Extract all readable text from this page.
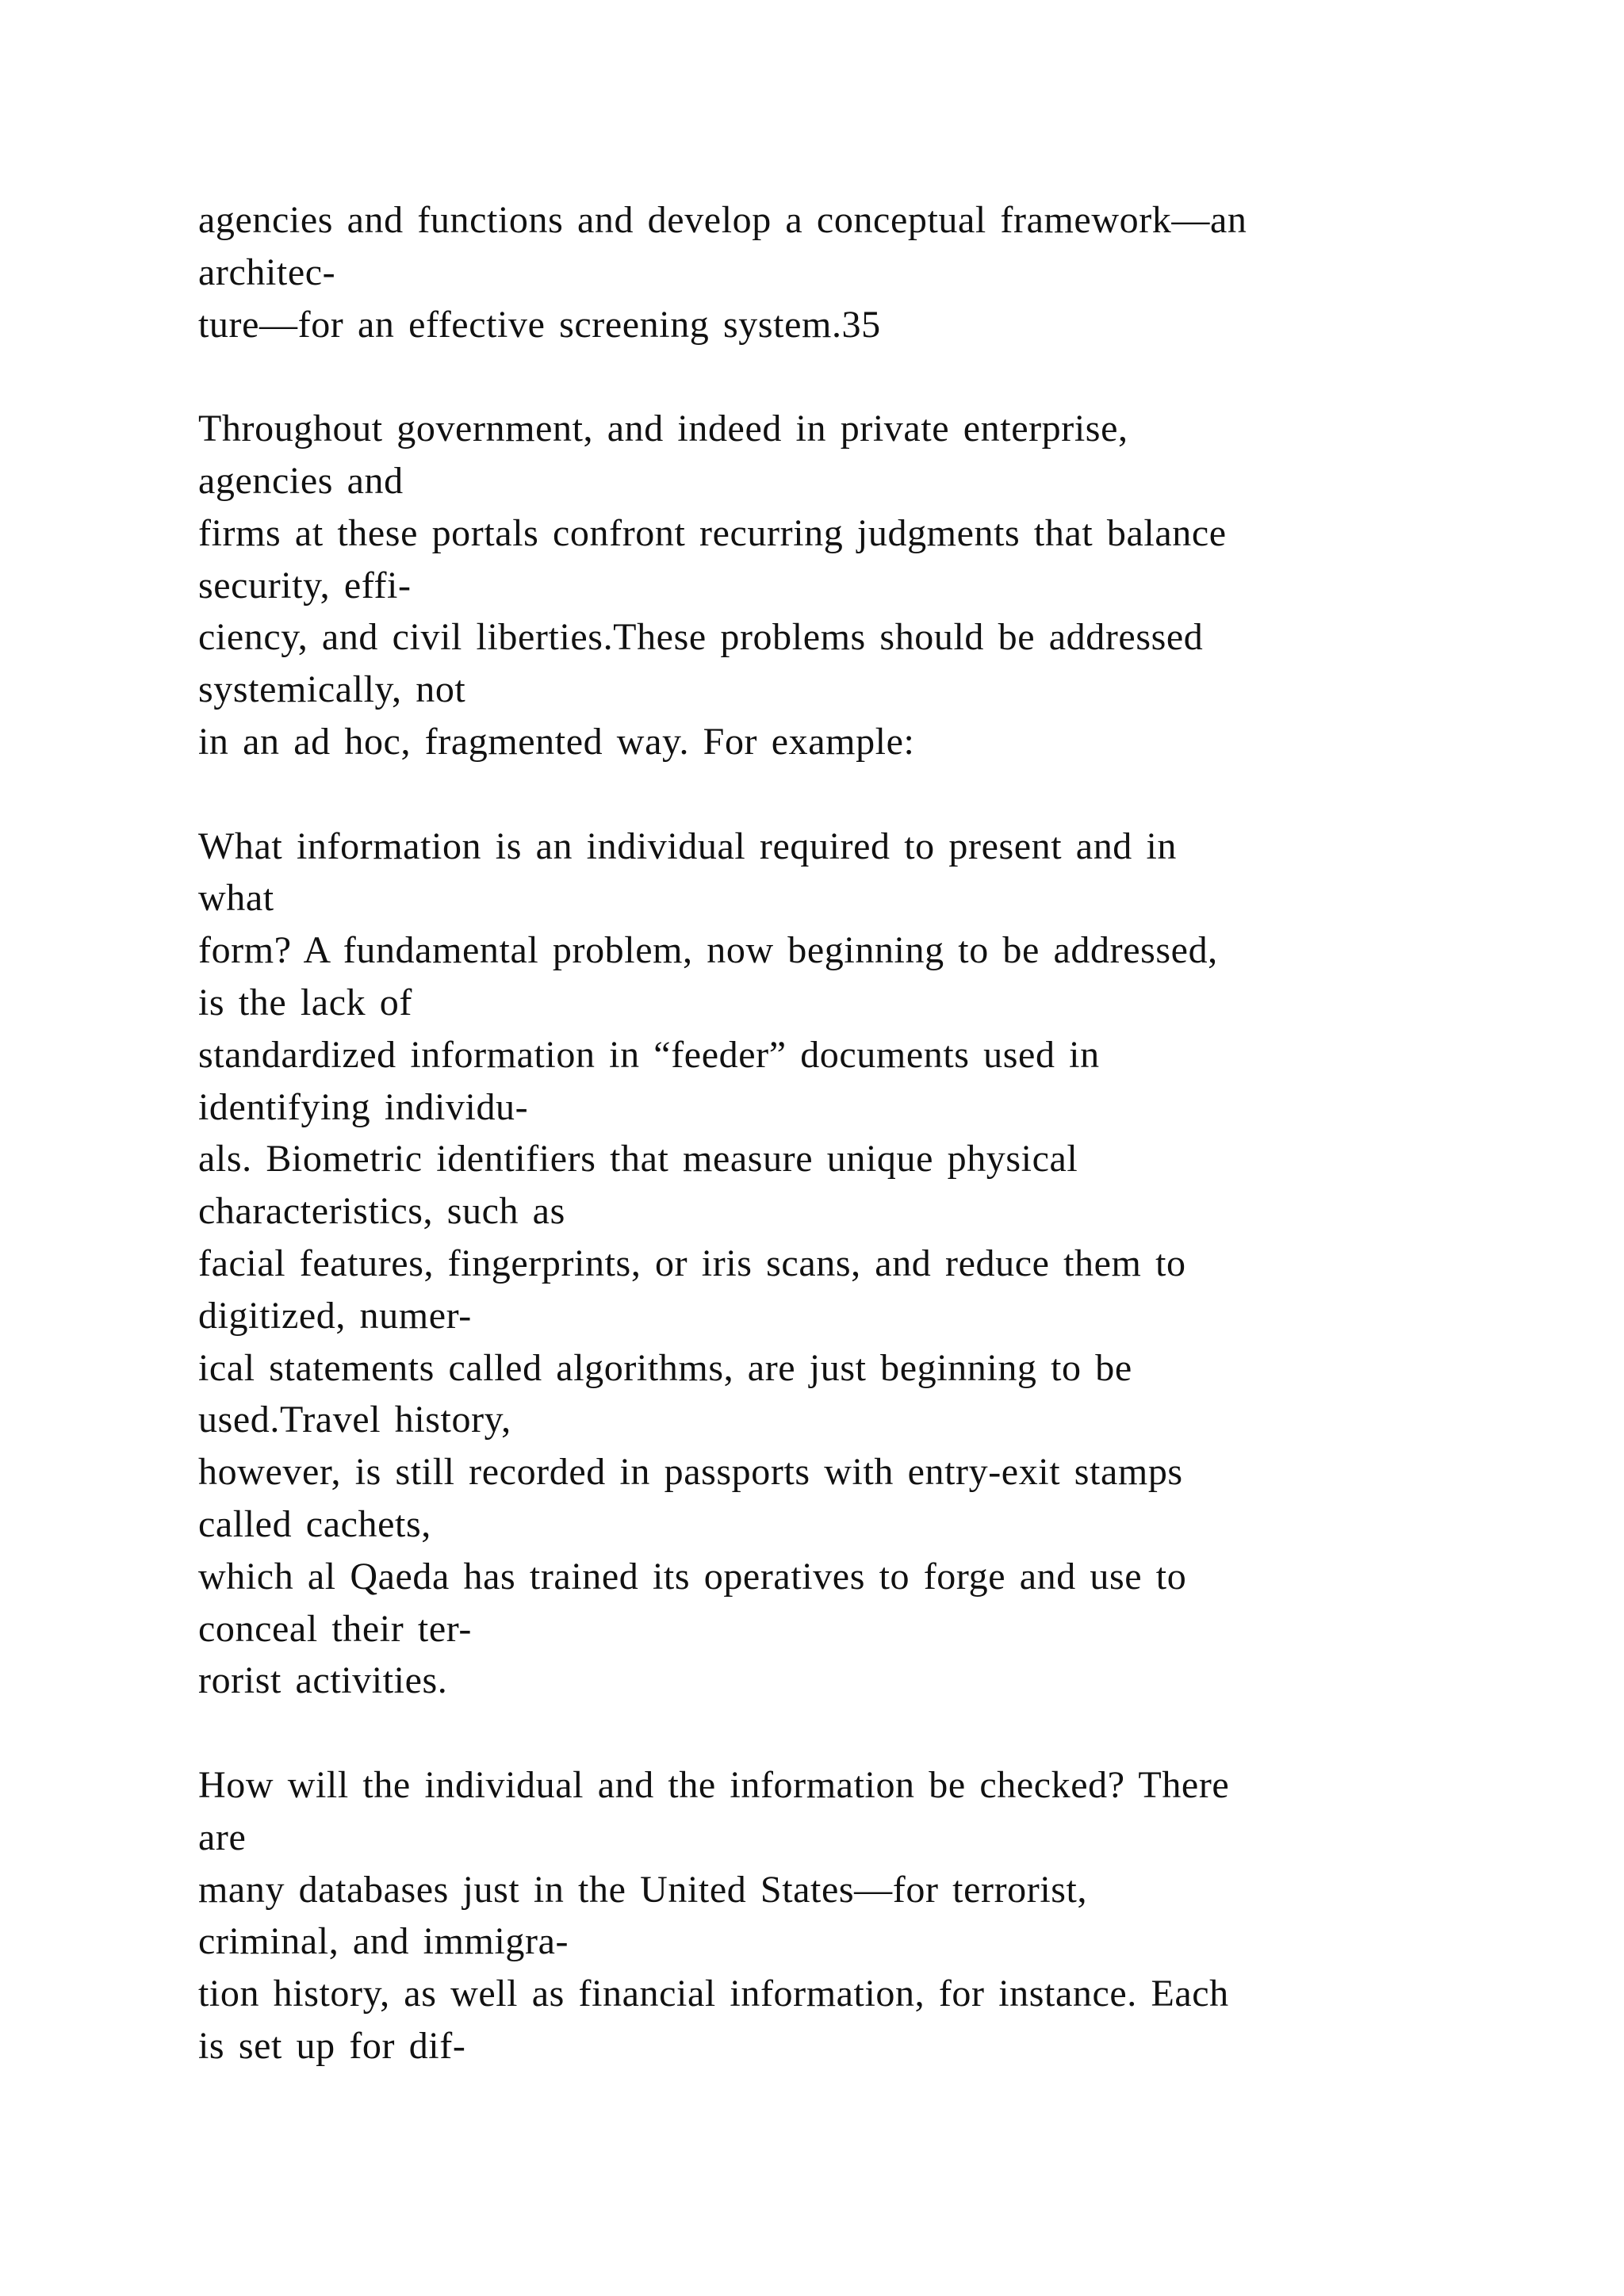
agencies and functions and develop a conceptual framework—an
architec-
ture—for an effective screening system.35
Throughout government, and indeed in private enterprise,
agencies and
firms at these portals confront recurring judgments that balance
security, effi-
ciency, and civil liberties.These problems should be addressed
systemically, not
in an ad hoc, fragmented way. For example:
What information is an individual required to present and in
what
form? A fundamental problem, now beginning to be addressed,
is the lack of
standardized information in “feeder” documents used in
identifying individu-
als. Biometric identifiers that measure unique physical
characteristics, such as
facial features, fingerprints, or iris scans, and reduce them to
digitized, numer-
ical statements called algorithms, are just beginning to be
used.Travel history,
however, is still recorded in passports with entry-exit stamps
called cachets,
which al Qaeda has trained its operatives to forge and use to
conceal their ter-
rorist activities.
How will the individual and the information be checked? There
are
many databases just in the United States—for terrorist,
criminal, and immigra-
tion history, as well as financial information, for instance. Each
is set up for dif-
